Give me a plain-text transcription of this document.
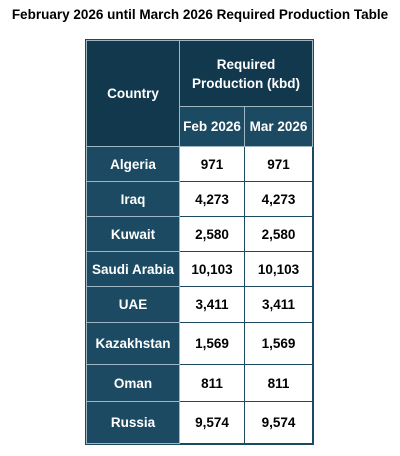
February 2026 until March 2026 Required Production Table
Country	Required Production (kbd)	
	Feb 2026	Mar 2026
Algeria	971	971
Iraq	4,273	4,273
Kuwait	2,580	2,580
Saudi Arabia	10,103	10,103
UAE	3,411	3,411
Kazakhstan	1,569	1,569
Oman	811	811
Russia	9,574	9,574
